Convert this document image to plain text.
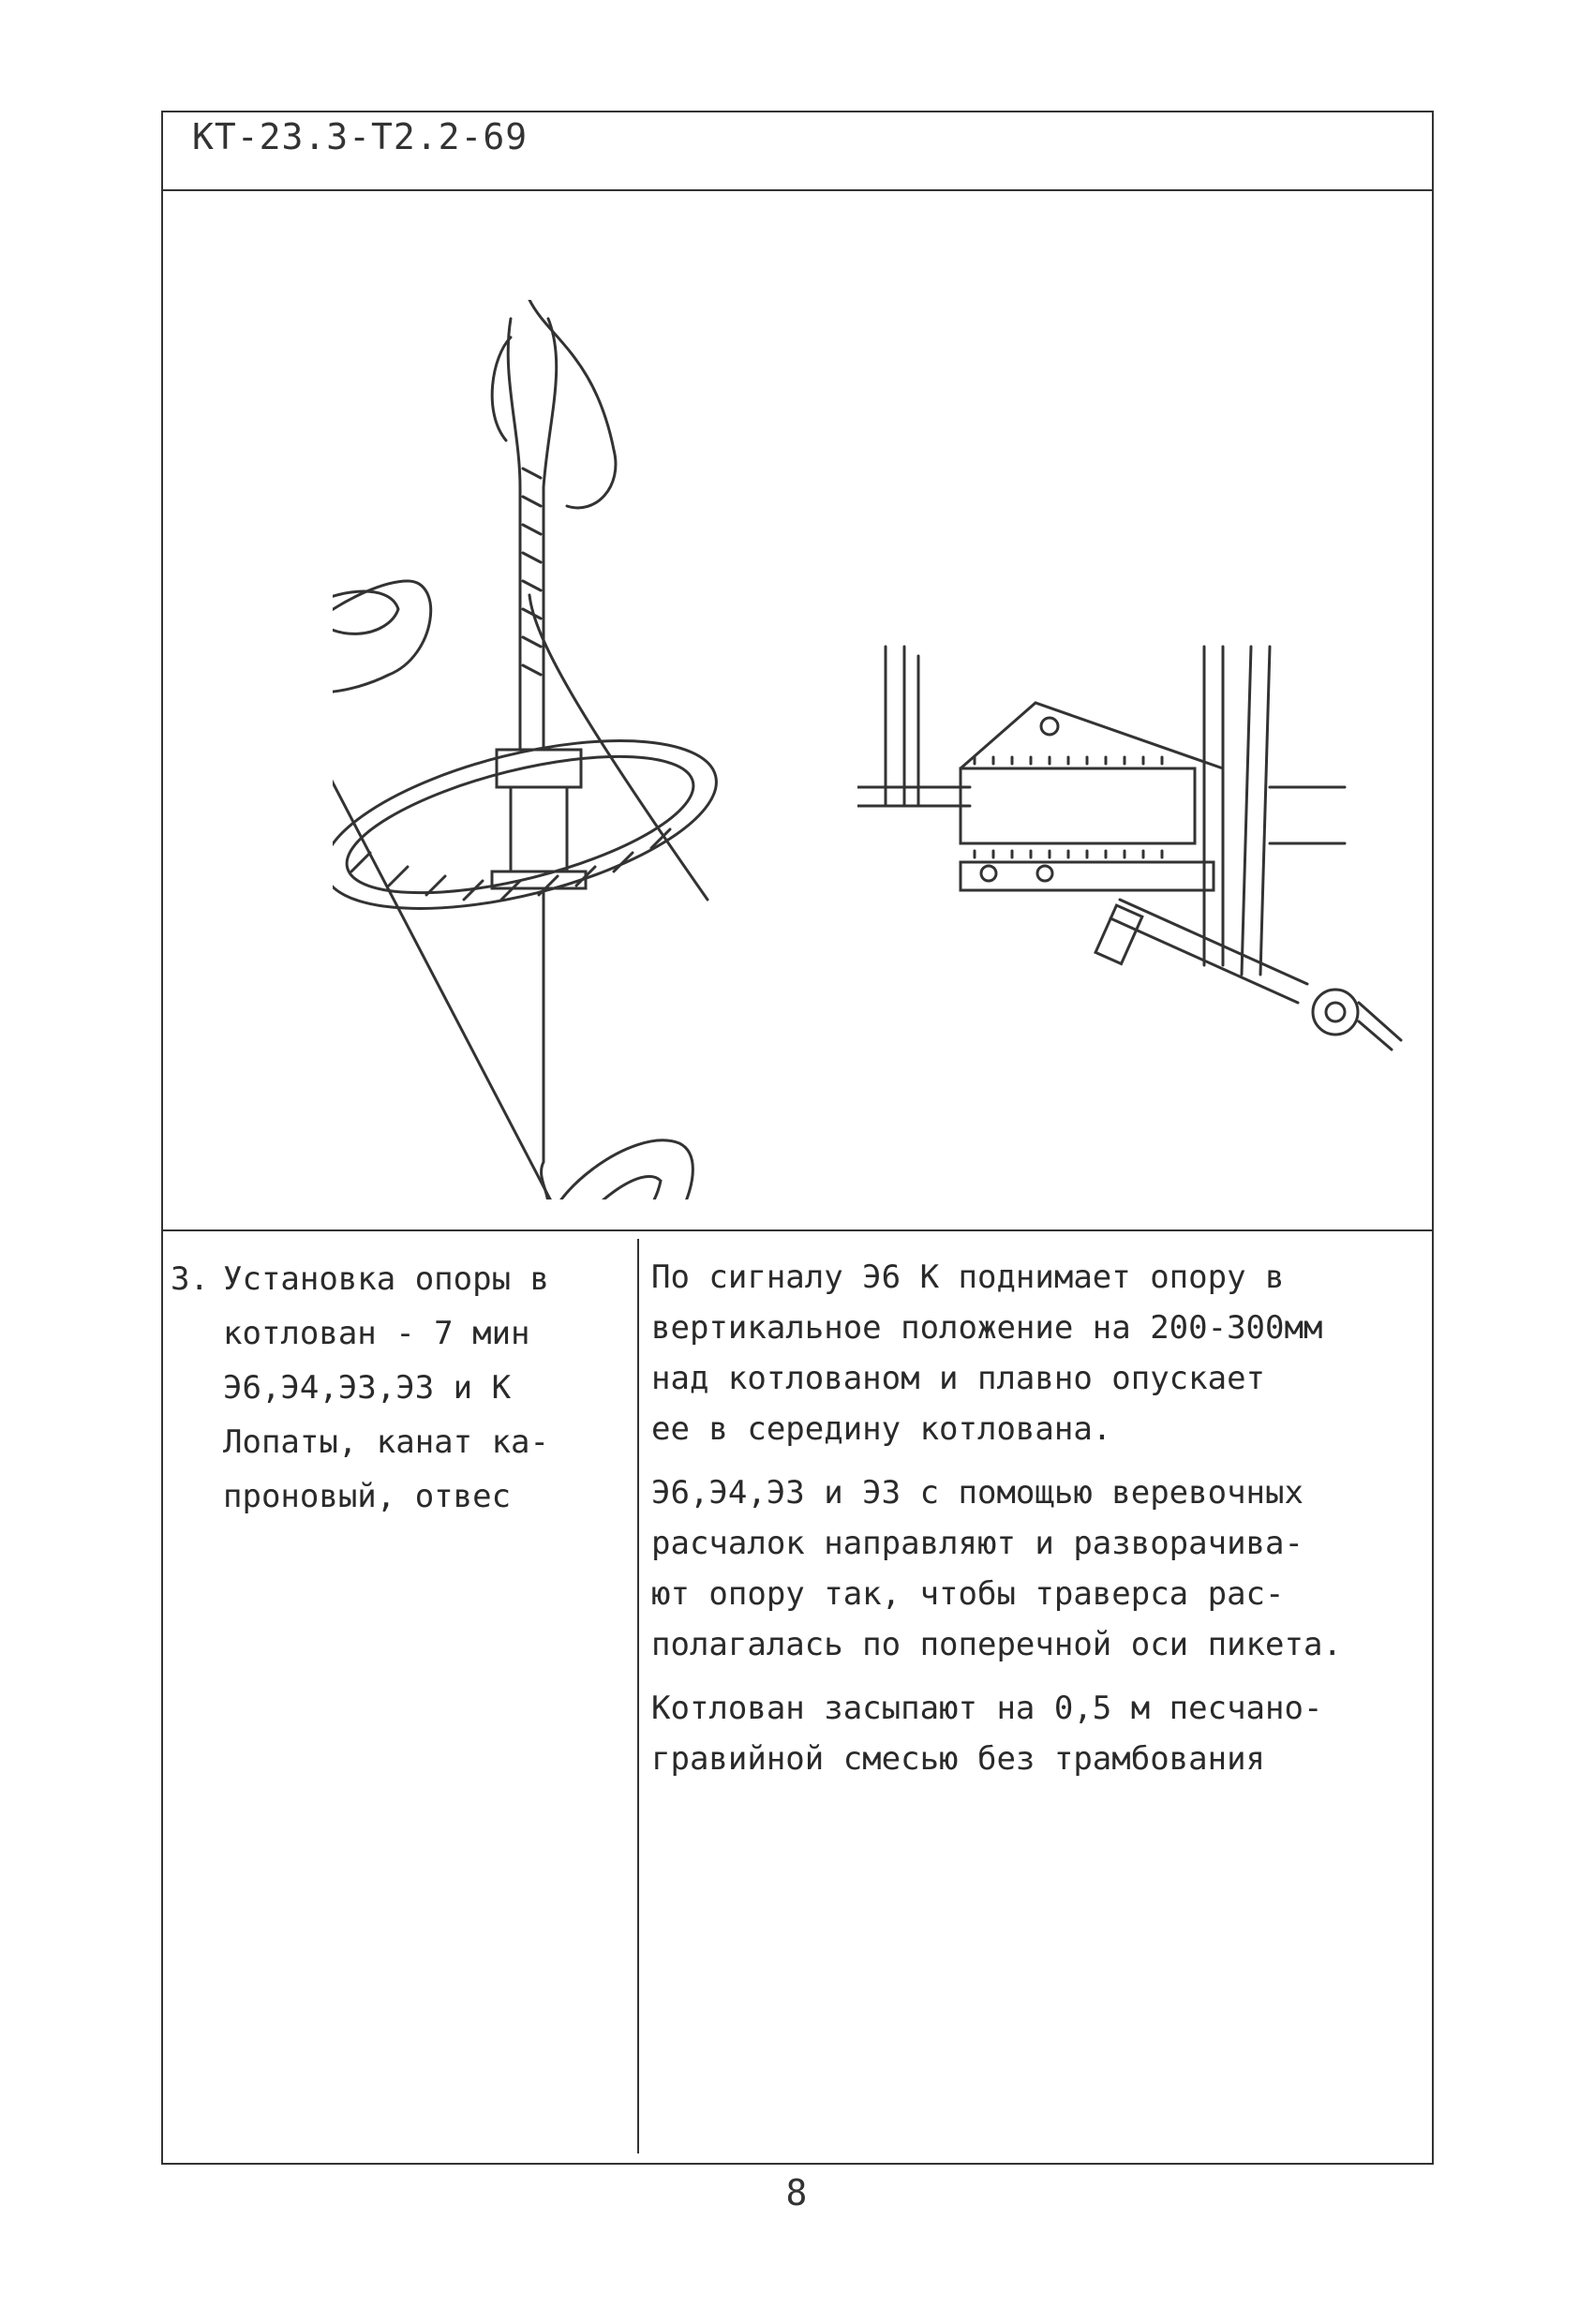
КТ-23.3-Т2.2-69
3. Установка опоры в
котлован - 7 мин
Э6,Э4,Э3,Э3 и К
Лопаты, канат ка-
проновый, отвес
По сигналу Э6 К поднимает опору в
вертикальное положение на 200-300мм
над котлованом и плавно опускает
ее в середину котлована.
Э6,Э4,Э3 и Э3 с помощью веревочных
расчалок направляют и разворачива-
ют опору так, чтобы траверса рас-
полагалась по поперечной оси пикета.
Котлован засыпают на 0,5 м песчано-
гравийной смесью без трамбования
8
